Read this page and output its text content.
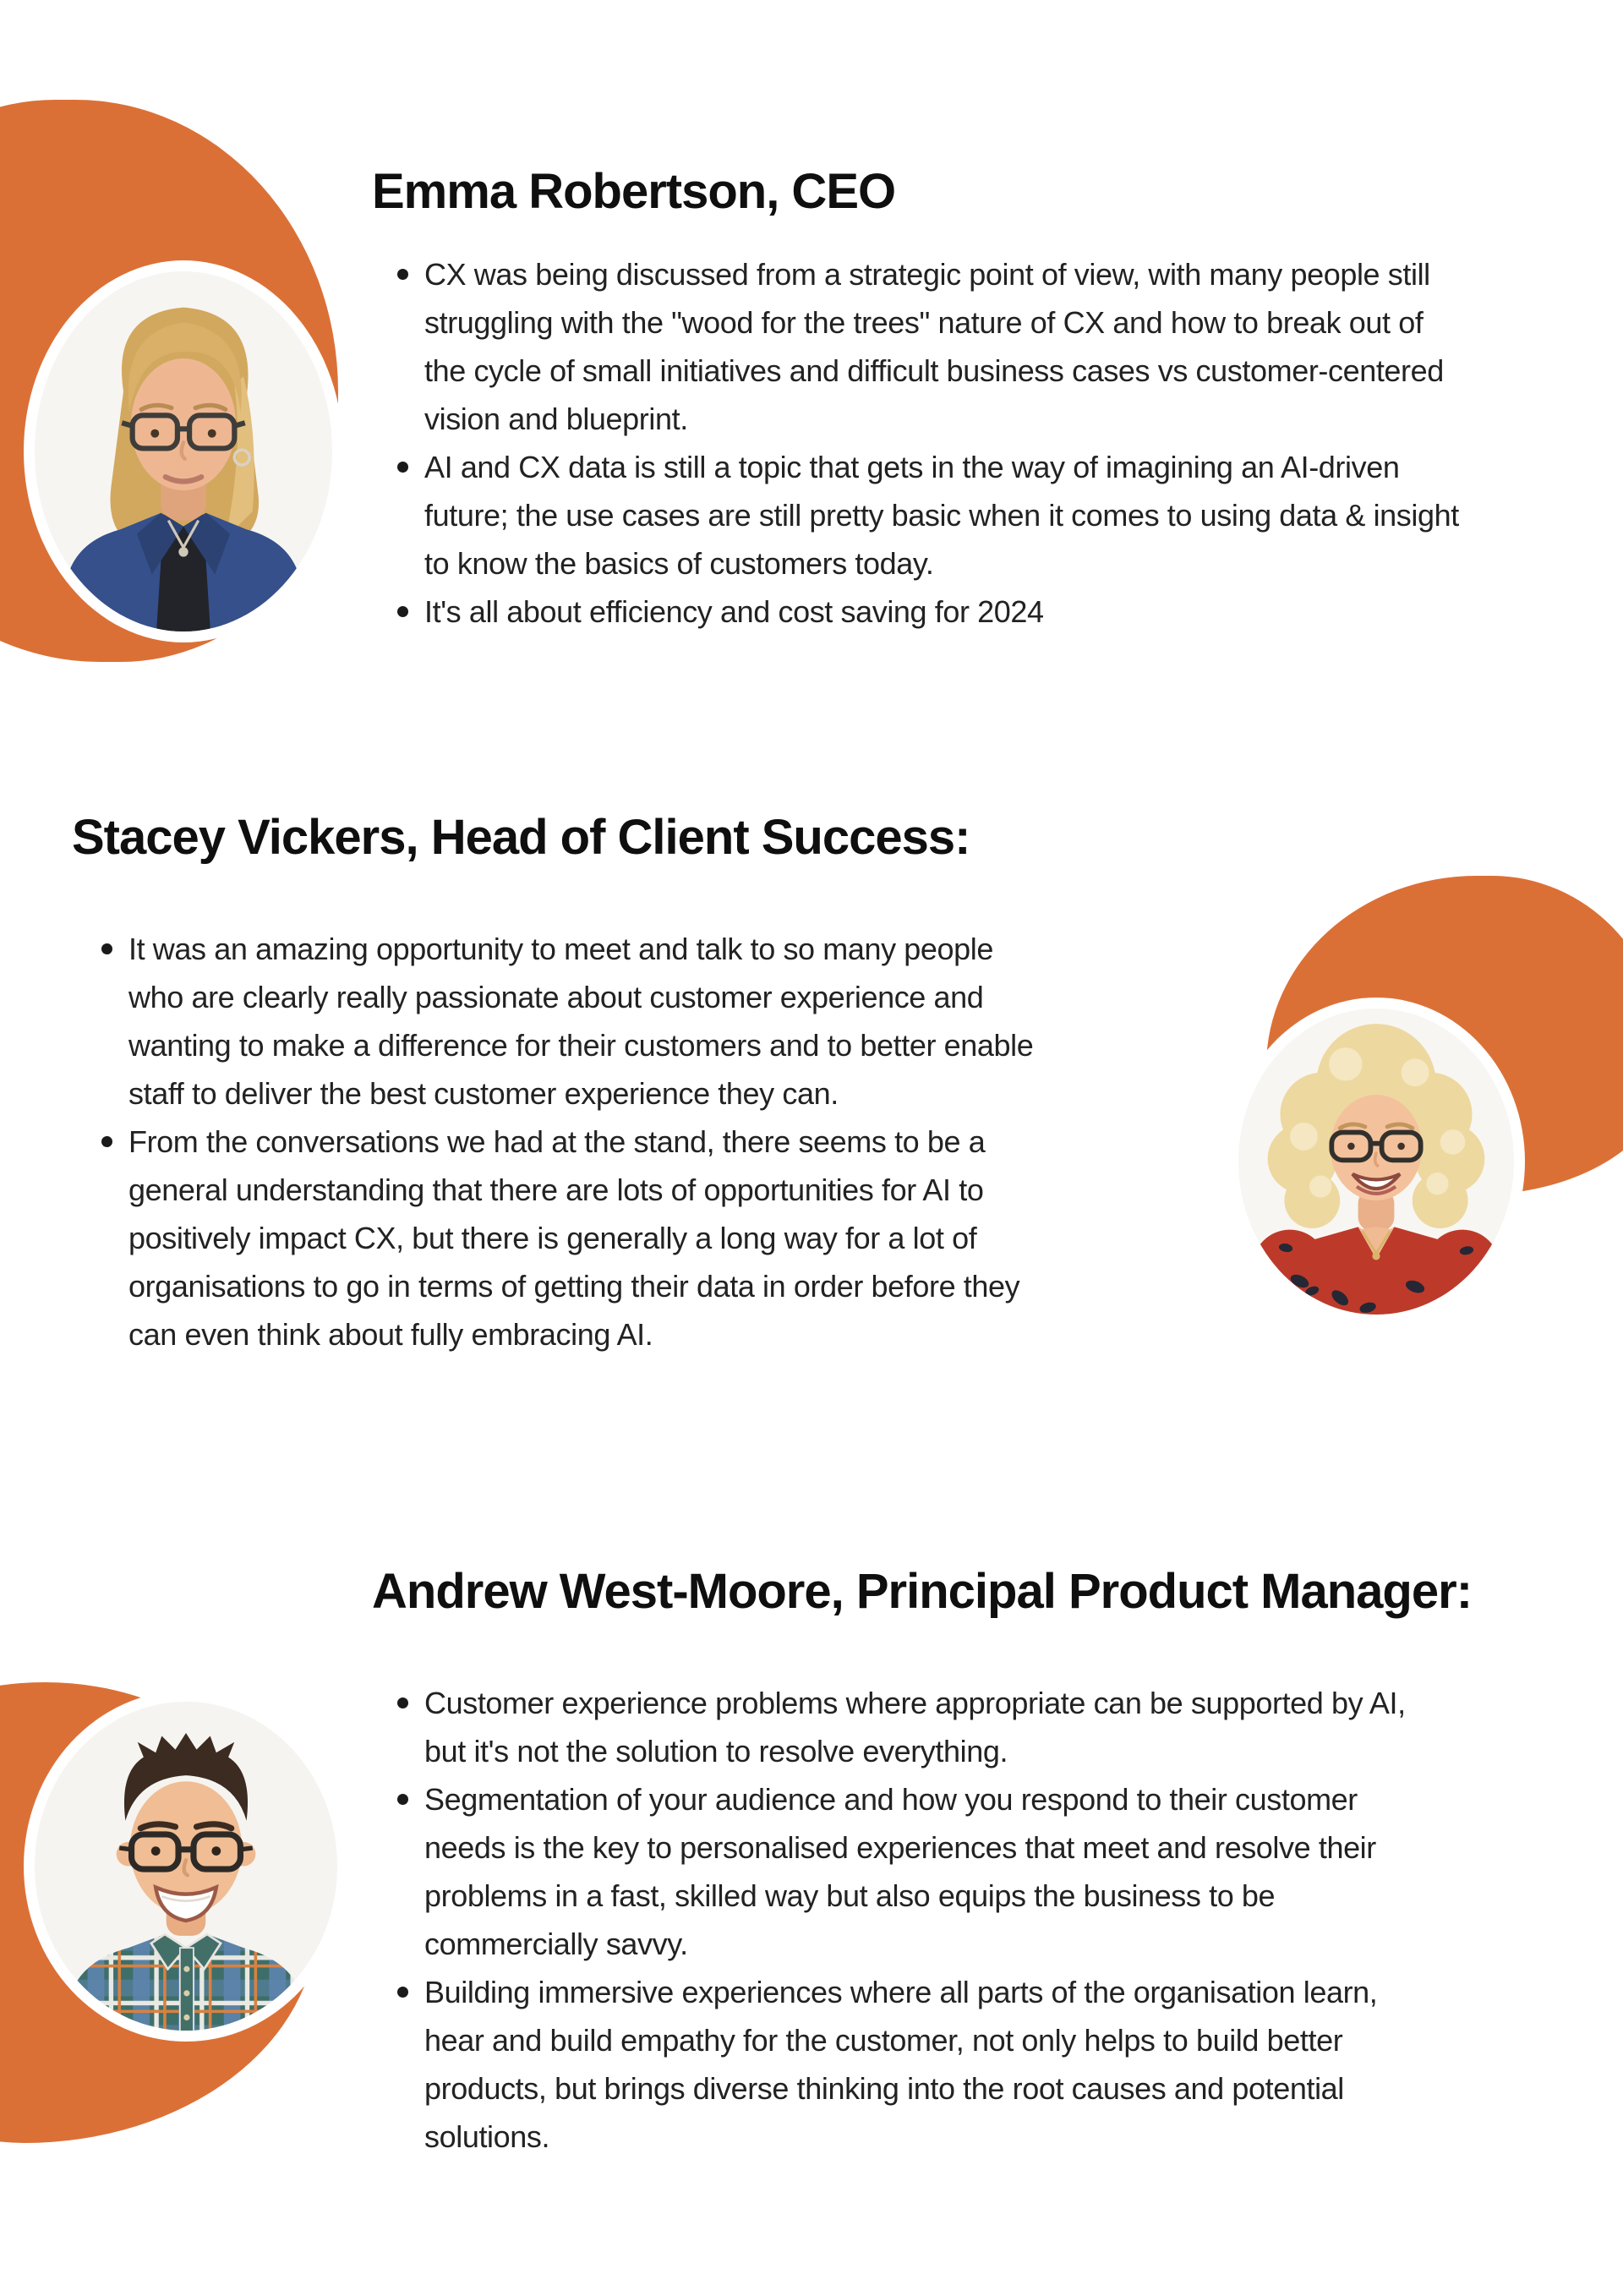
Emma Robertson, CEO
CX was being discussed from a strategic point of view, with many people still struggling with the "wood for the trees" nature of CX and how to break out of the cycle of small initiatives and difficult business cases vs customer-centered vision and blueprint.
AI and CX data is still a topic that gets in the way of imagining an AI-driven future; the use cases are still pretty basic when it comes to using data & insight to know the basics of customers today.
It's all about efficiency and cost saving for 2024
Stacey Vickers, Head of Client Success:
It was an amazing opportunity to meet and talk to so many people who are clearly really passionate about customer experience and wanting to make a difference for their customers and to better enable staff to deliver the best customer experience they can.
From the conversations we had at the stand, there seems to be a general understanding that there are lots of opportunities for AI to positively impact CX, but there is generally a long way for a lot of organisations to go in terms of getting their data in order before they can even think about fully embracing AI.
Andrew West-Moore, Principal Product Manager:
Customer experience problems where appropriate can be supported by AI, but it's not the solution to resolve everything.
Segmentation of your audience and how you respond to their customer needs is the key to personalised experiences that meet and resolve their problems in a fast, skilled way but also equips the business to be commercially savvy.
Building immersive experiences where all parts of the organisation learn, hear and build empathy for the customer, not only helps to build better products, but brings diverse thinking into the root causes and potential solutions.
